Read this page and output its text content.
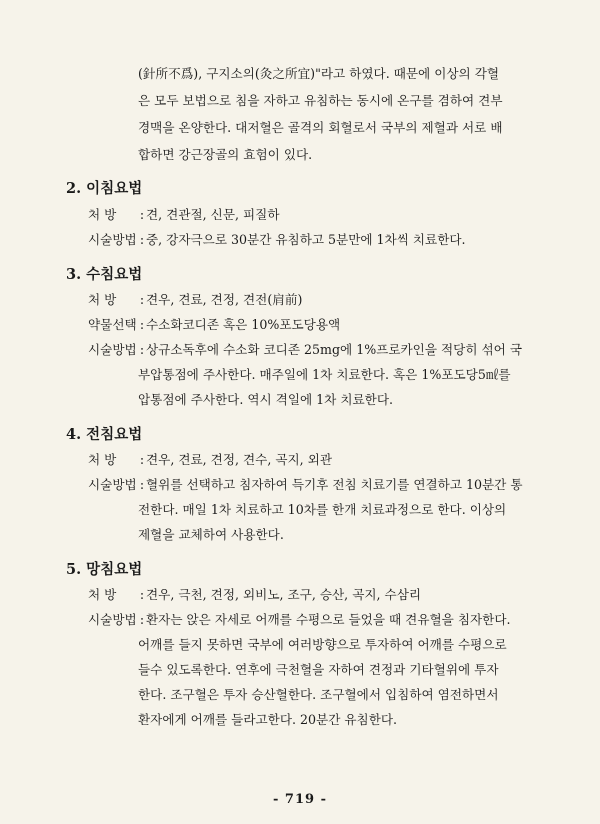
(針所不爲), 구지소의(灸之所宜)"라고 하였다. 때문에 이상의 각혈
은 모두 보법으로 침을 자하고 유침하는 동시에 온구를 겸하여 견부
경맥을 온양한다. 대저혈은 골격의 회혈로서 국부의 제혈과 서로 배
합하면 강근장골의 효험이 있다.
2. 이침요법
처 방 : 견, 견관절, 신문, 피질하
시술방법 : 중, 강자극으로 30분간 유침하고 5분만에 1차씩 치료한다.
3. 수침요법
처 방 : 견우, 견료, 견정, 견전(肩前)
약물선택 : 수소화코디존 혹은 10%포도당용액
시술방법 : 상규소독후에 수소화 코디존 25mg에 1%프로카인을 적당히 섞어 국
부압통점에 주사한다. 매주일에 1차 치료한다. 혹은 1%포도당5㎖를
압통점에 주사한다. 역시 격일에 1차 치료한다.
4. 전침요법
처 방 : 견우, 견료, 견정, 견수, 곡지, 외관
시술방법 : 혈위를 선택하고 침자하여 득기후 전침 치료기를 연결하고 10분간 통
전한다. 매일 1차 치료하고 10차를 한개 치료과정으로 한다. 이상의
제혈을 교체하여 사용한다.
5. 망침요법
처 방 : 견우, 극천, 견정, 외비노, 조구, 승산, 곡지, 수삼리
시술방법 : 환자는 앉은 자세로 어깨를 수평으로 들었을 때 견유혈을 침자한다.
어깨를 들지 못하면 국부에 여러방향으로 투자하여 어깨를 수평으로
들수 있도록한다. 연후에 극천혈을 자하여 견정과 기타혈위에 투자
한다. 조구혈은 투자 승산혈한다. 조구혈에서 입침하여 염전하면서
환자에게 어깨를 들라고한다. 20분간 유침한다.
- 719 -
